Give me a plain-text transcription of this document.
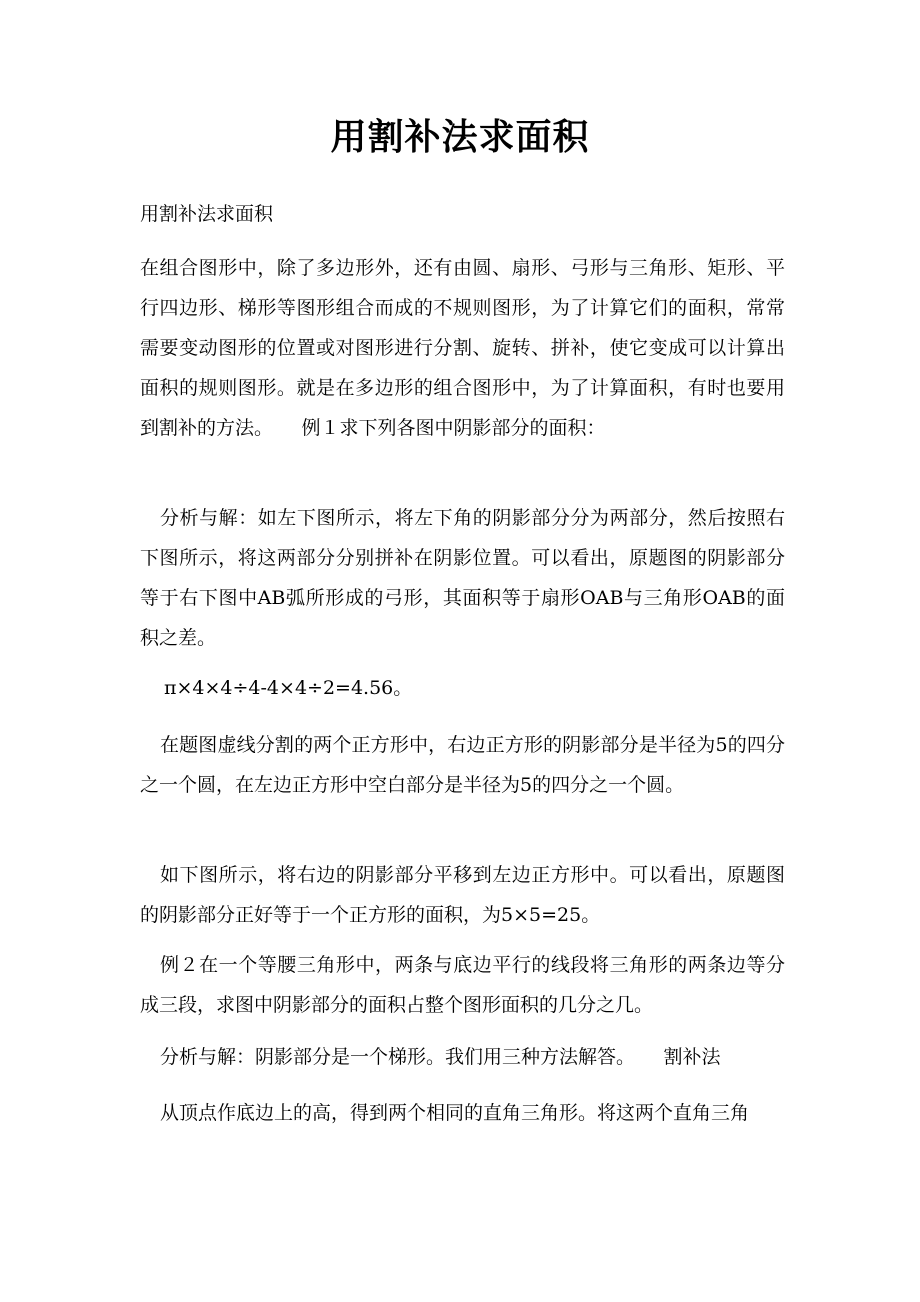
用割补法求面积

用割补法求面积

在组合图形中，除了多边形外，还有由圆、扇形、弓形与三角形、矩形、平行四边形、梯形等图形组合而成的不规则图形，为了计算它们的面积，常常需要变动图形的位置或对图形进行分割、旋转、拼补，使它变成可以计算出面积的规则图形。就是在多边形的组合图形中，为了计算面积，有时也要用到割补的方法。　　例１求下列各图中阴影部分的面积：

分析与解：如左下图所示，将左下角的阴影部分分为两部分，然后按照右下图所示，将这两部分分别拼补在阴影位置。可以看出，原题图的阴影部分等于右下图中AB弧所形成的弓形，其面积等于扇形OAB与三角形OAB的面积之差。

π×4×4÷4-4×4÷2=4.56。

在题图虚线分割的两个正方形中，右边正方形的阴影部分是半径为5的四分之一个圆，在左边正方形中空白部分是半径为5的四分之一个圆。

如下图所示，将右边的阴影部分平移到左边正方形中。可以看出，原题图的阴影部分正好等于一个正方形的面积，为5×5=25。

例２在一个等腰三角形中，两条与底边平行的线段将三角形的两条边等分成三段，求图中阴影部分的面积占整个图形面积的几分之几。

分析与解：阴影部分是一个梯形。我们用三种方法解答。　　割补法

从顶点作底边上的高，得到两个相同的直角三角形。将这两个直角三角
